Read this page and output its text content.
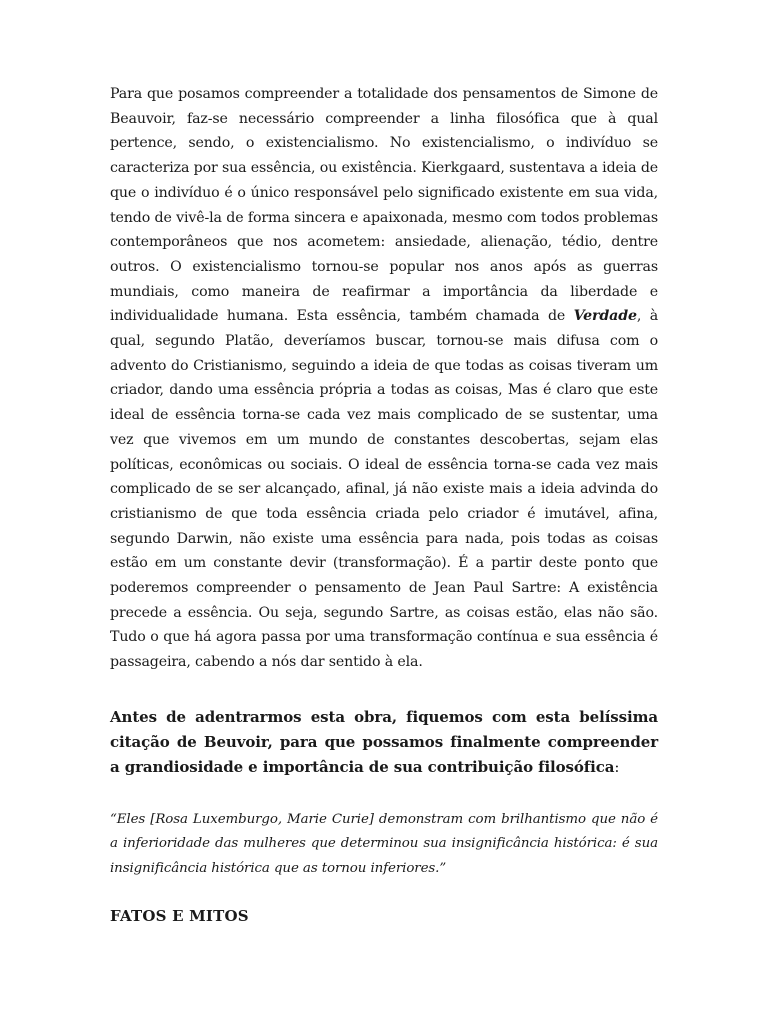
Para que posamos compreender a totalidade dos pensamentos de Simone de Beauvoir, faz-se necessário compreender a linha filosófica que à qual pertence, sendo, o existencialismo. No existencialismo, o indivíduo se caracteriza por sua essência, ou existência. Kierkgaard, sustentava a ideia de que o indivíduo é o único responsável pelo significado existente em sua vida, tendo de vivê-la de forma sincera e apaixonada, mesmo com todos problemas contemporâneos que nos acometem: ansiedade, alienação, tédio, dentre outros. O existencialismo tornou-se popular nos anos após as guerras mundiais, como maneira de reafirmar a importância da liberdade e individualidade humana. Esta essência, também chamada de Verdade, à qual, segundo Platão, deveríamos buscar, tornou-se mais difusa com o advento do Cristianismo, seguindo a ideia de que todas as coisas tiveram um criador, dando uma essência própria a todas as coisas, Mas é claro que este ideal de essência torna-se cada vez mais complicado de se sustentar, uma vez que vivemos em um mundo de constantes descobertas, sejam elas políticas, econômicas ou sociais. O ideal de essência torna-se cada vez mais complicado de se ser alcançado, afinal, já não existe mais a ideia advinda do cristianismo de que toda essência criada pelo criador é imutável, afina, segundo Darwin, não existe uma essência para nada, pois todas as coisas estão em um constante devir (transformação). É a partir deste ponto que poderemos compreender o pensamento de Jean Paul Sartre: A existência precede a essência. Ou seja, segundo Sartre, as coisas estão, elas não são. Tudo o que há agora passa por uma transformação contínua e sua essência é passageira, cabendo a nós dar sentido à ela.

Antes de adentrarmos esta obra, fiquemos com esta belíssima citação de Beuvoir, para que possamos finalmente compreender a grandiosidade e importância de sua contribuição filosófica:

“Eles [Rosa Luxemburgo, Marie Curie] demonstram com brilhantismo que não é a inferioridade das mulheres que determinou sua insignificância histórica: é sua insignificância histórica que as tornou inferiores.”

FATOS E MITOS
